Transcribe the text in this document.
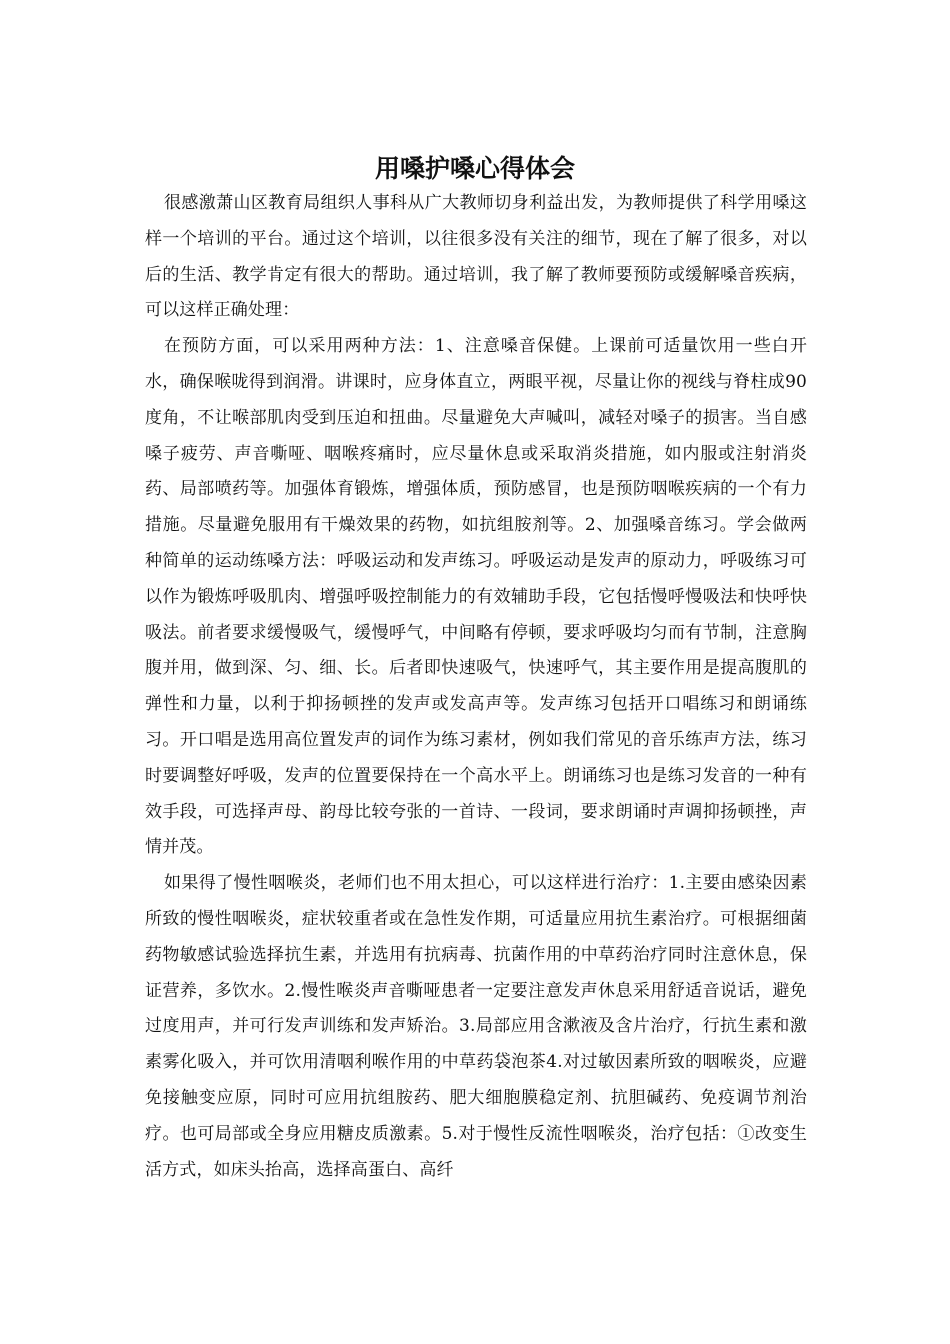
用嗓护嗓心得体会

很感激萧山区教育局组织人事科从广大教师切身利益出发，为教师提供了科学用嗓这样一个培训的平台。通过这个培训，以往很多没有关注的细节，现在了解了很多，对以后的生活、教学肯定有很大的帮助。通过培训，我了解了教师要预防或缓解嗓音疾病，可以这样正确处理：

在预防方面，可以采用两种方法：1、注意嗓音保健。上课前可适量饮用一些白开水，确保喉咙得到润滑。讲课时，应身体直立，两眼平视，尽量让你的视线与脊柱成90度角，不让喉部肌肉受到压迫和扭曲。尽量避免大声喊叫，减轻对嗓子的损害。当自感嗓子疲劳、声音嘶哑、咽喉疼痛时，应尽量休息或采取消炎措施，如内服或注射消炎药、局部喷药等。加强体育锻炼，增强体质，预防感冒，也是预防咽喉疾病的一个有力措施。尽量避免服用有干燥效果的药物，如抗组胺剂等。2、加强嗓音练习。学会做两种简单的运动练嗓方法：呼吸运动和发声练习。呼吸运动是发声的原动力，呼吸练习可以作为锻炼呼吸肌肉、增强呼吸控制能力的有效辅助手段，它包括慢呼慢吸法和快呼快吸法。前者要求缓慢吸气，缓慢呼气，中间略有停顿，要求呼吸均匀而有节制，注意胸腹并用，做到深、匀、细、长。后者即快速吸气，快速呼气，其主要作用是提高腹肌的弹性和力量，以利于抑扬顿挫的发声或发高声等。发声练习包括开口唱练习和朗诵练习。开口唱是选用高位置发声的词作为练习素材，例如我们常见的音乐练声方法，练习时要调整好呼吸，发声的位置要保持在一个高水平上。朗诵练习也是练习发音的一种有效手段，可选择声母、韵母比较夸张的一首诗、一段词，要求朗诵时声调抑扬顿挫，声情并茂。

如果得了慢性咽喉炎，老师们也不用太担心，可以这样进行治疗：1.主要由感染因素所致的慢性咽喉炎，症状较重者或在急性发作期，可适量应用抗生素治疗。可根据细菌药物敏感试验选择抗生素，并选用有抗病毒、抗菌作用的中草药治疗同时注意休息，保证营养，多饮水。2.慢性喉炎声音嘶哑患者一定要注意发声休息采用舒适音说话，避免过度用声，并可行发声训练和发声矫治。3.局部应用含漱液及含片治疗，行抗生素和激素雾化吸入，并可饮用清咽利喉作用的中草药袋泡茶4.对过敏因素所致的咽喉炎，应避免接触变应原，同时可应用抗组胺药、肥大细胞膜稳定剂、抗胆碱药、免疫调节剂治疗。也可局部或全身应用糖皮质激素。5.对于慢性反流性咽喉炎，治疗包括：①改变生活方式，如床头抬高，选择高蛋白、高纤
